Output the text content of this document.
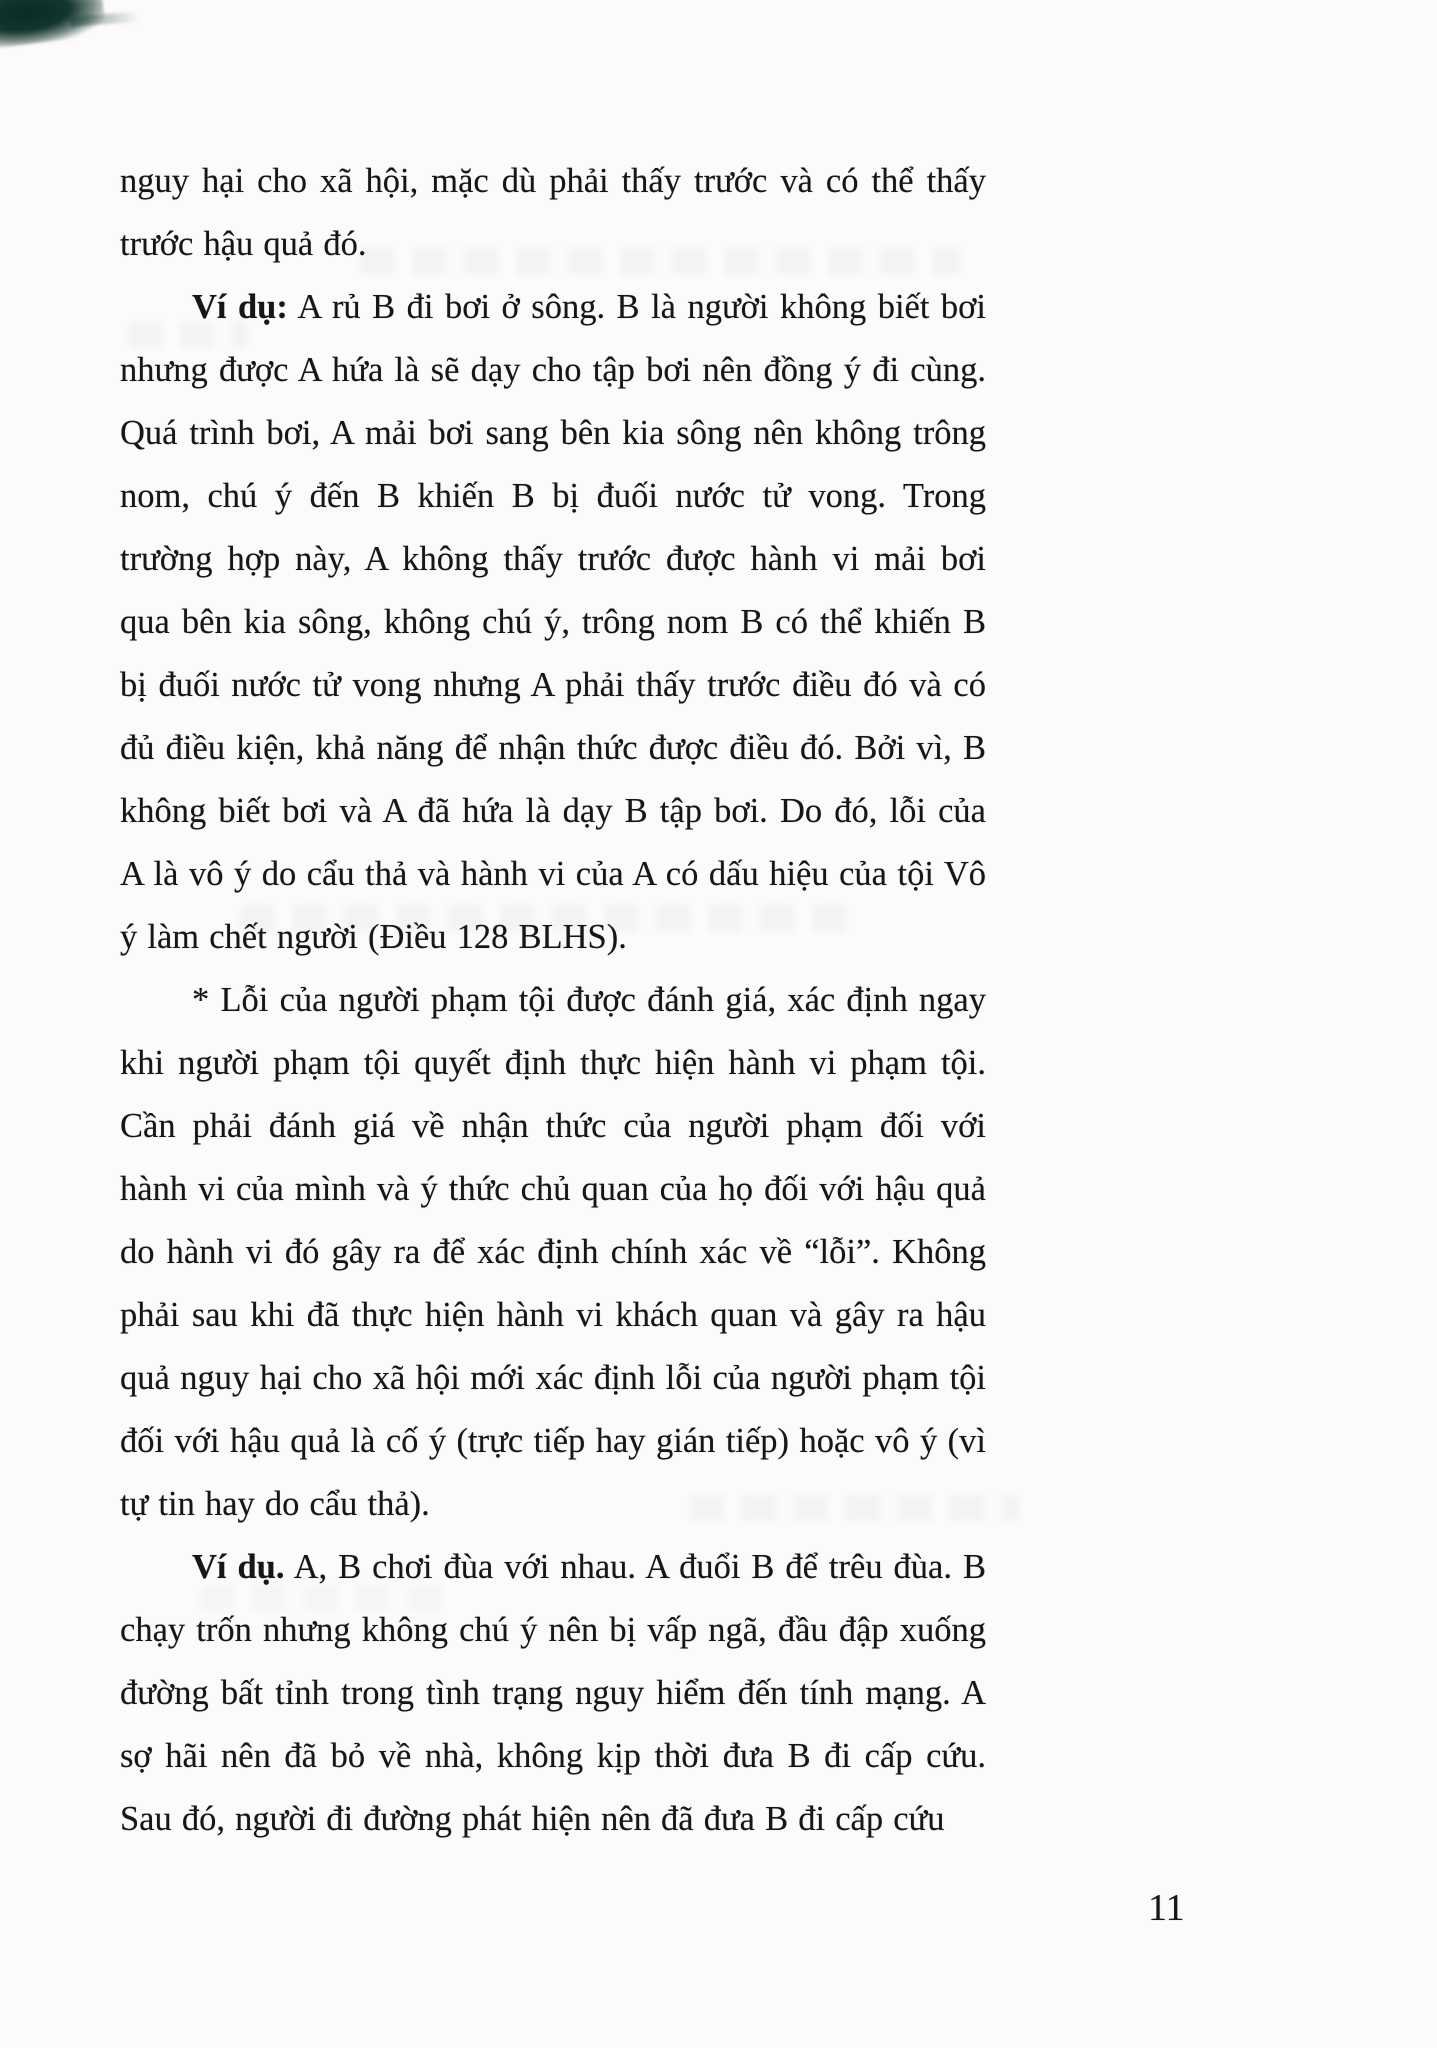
nguy hại cho xã hội, mặc dù phải thấy trước và có thể thấy trước hậu quả đó.

Ví dụ: A rủ B đi bơi ở sông. B là người không biết bơi nhưng được A hứa là sẽ dạy cho tập bơi nên đồng ý đi cùng. Quá trình bơi, A mải bơi sang bên kia sông nên không trông nom, chú ý đến B khiến B bị đuối nước tử vong. Trong trường hợp này, A không thấy trước được hành vi mải bơi qua bên kia sông, không chú ý, trông nom B có thể khiến B bị đuối nước tử vong nhưng A phải thấy trước điều đó và có đủ điều kiện, khả năng để nhận thức được điều đó. Bởi vì, B không biết bơi và A đã hứa là dạy B tập bơi. Do đó, lỗi của A là vô ý do cẩu thả và hành vi của A có dấu hiệu của tội Vô ý làm chết người (Điều 128 BLHS).

* Lỗi của người phạm tội được đánh giá, xác định ngay khi người phạm tội quyết định thực hiện hành vi phạm tội. Cần phải đánh giá về nhận thức của người phạm đối với hành vi của mình và ý thức chủ quan của họ đối với hậu quả do hành vi đó gây ra để xác định chính xác về “lỗi”. Không phải sau khi đã thực hiện hành vi khách quan và gây ra hậu quả nguy hại cho xã hội mới xác định lỗi của người phạm tội đối với hậu quả là cố ý (trực tiếp hay gián tiếp) hoặc vô ý (vì tự tin hay do cẩu thả).

Ví dụ. A, B chơi đùa với nhau. A đuổi B để trêu đùa. B chạy trốn nhưng không chú ý nên bị vấp ngã, đầu đập xuống đường bất tỉnh trong tình trạng nguy hiểm đến tính mạng. A sợ hãi nên đã bỏ về nhà, không kịp thời đưa B đi cấp cứu. Sau đó, người đi đường phát hiện nên đã đưa B đi cấp cứu

11
